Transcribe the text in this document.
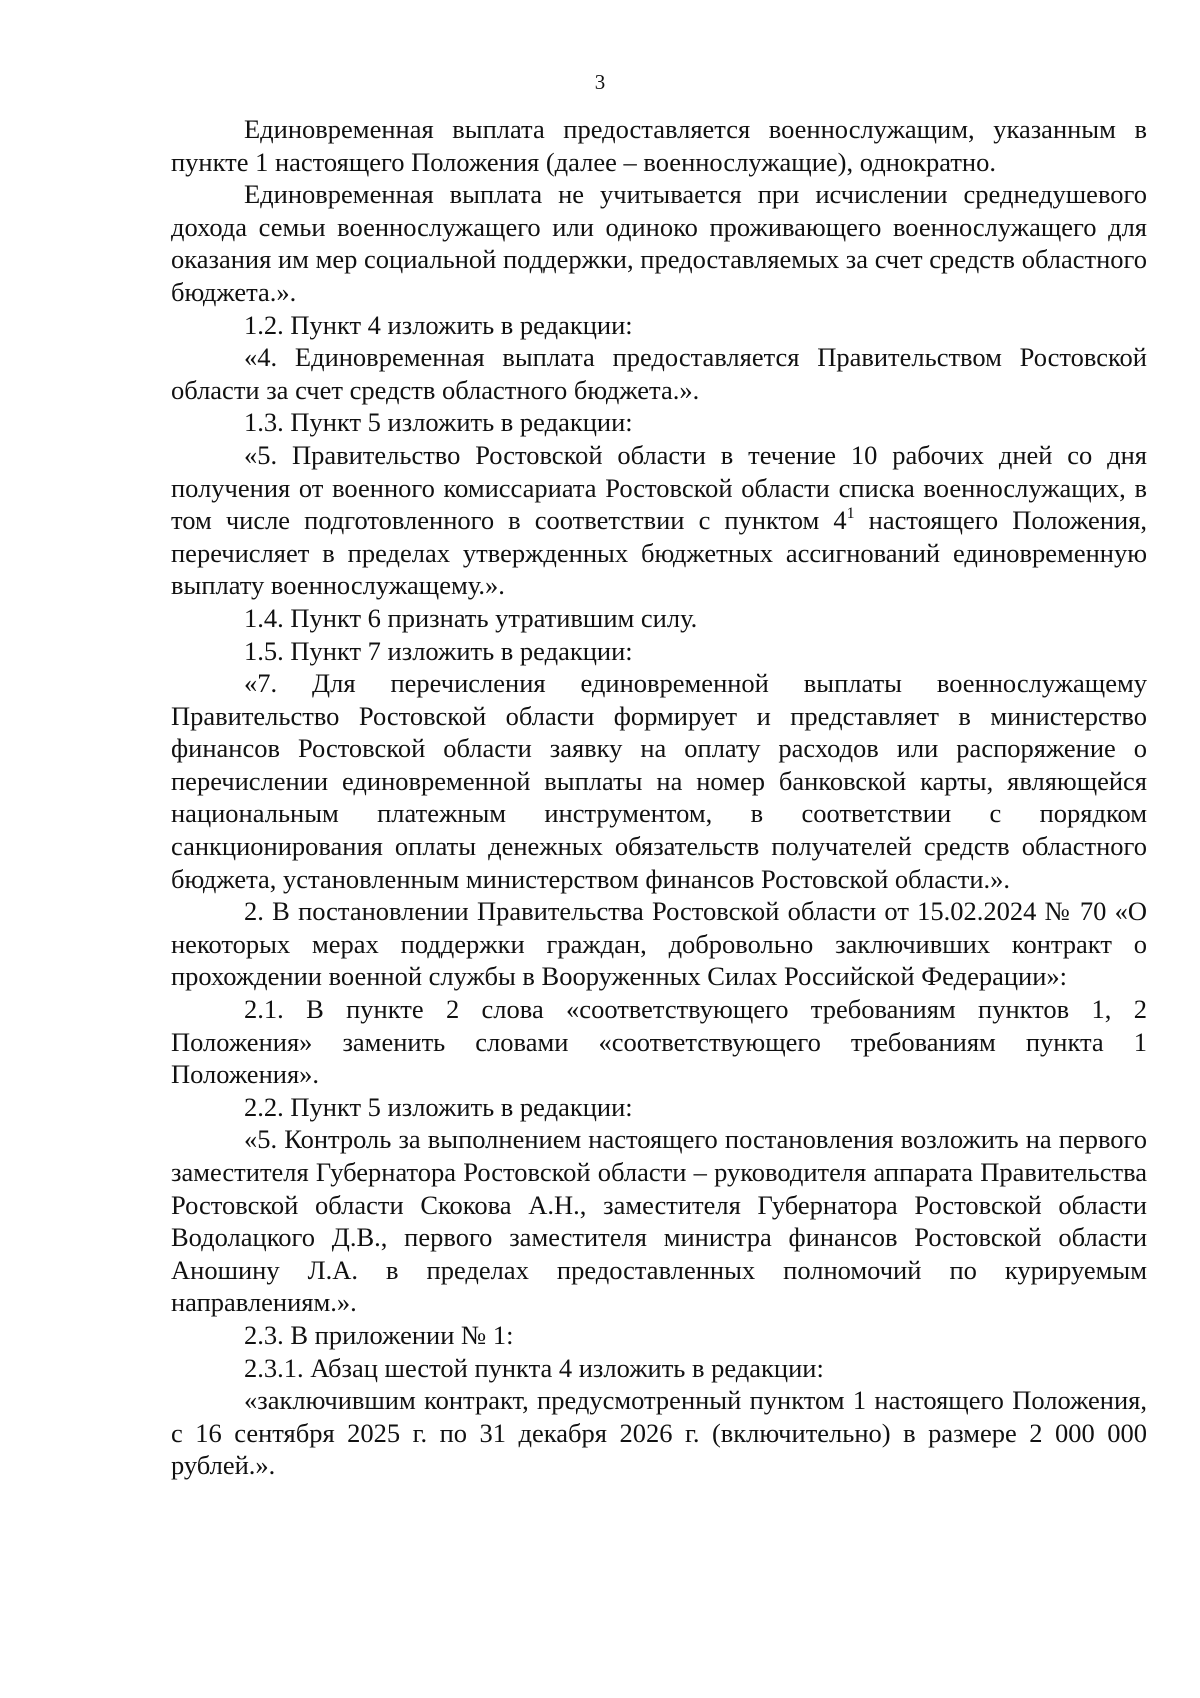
3

Единовременная выплата предоставляется военнослужащим, указанным в пункте 1 настоящего Положения (далее – военнослужащие), однократно.

Единовременная выплата не учитывается при исчислении среднедушевого дохода семьи военнослужащего или одиноко проживающего военнослужащего для оказания им мер социальной поддержки, предоставляемых за счет средств областного бюджета.».

1.2. Пункт 4 изложить в редакции:

«4. Единовременная выплата предоставляется Правительством Ростовской области за счет средств областного бюджета.».

1.3. Пункт 5 изложить в редакции:

«5. Правительство Ростовской области в течение 10 рабочих дней со дня получения от военного комиссариата Ростовской области списка военнослужащих, в том числе подготовленного в соответствии с пунктом $4^1$ настоящего Положения, перечисляет в пределах утвержденных бюджетных ассигнований единовременную выплату военнослужащему.».

1.4. Пункт 6 признать утратившим силу.

1.5. Пункт 7 изложить в редакции:

«7. Для перечисления единовременной выплаты военнослужащему Правительство Ростовской области формирует и представляет в министерство финансов Ростовской области заявку на оплату расходов или распоряжение о перечислении единовременной выплаты на номер банковской карты, являющейся национальным платежным инструментом, в соответствии с порядком санкционирования оплаты денежных обязательств получателей средств областного бюджета, установленным министерством финансов Ростовской области.».

2. В постановлении Правительства Ростовской области от 15.02.2024 № 70 «О некоторых мерах поддержки граждан, добровольно заключивших контракт о прохождении военной службы в Вооруженных Силах Российской Федерации»:

2.1. В пункте 2 слова «соответствующего требованиям пунктов 1, 2 Положения» заменить словами «соответствующего требованиям пункта 1 Положения».

2.2. Пункт 5 изложить в редакции:

«5. Контроль за выполнением настоящего постановления возложить на первого заместителя Губернатора Ростовской области – руководителя аппарата Правительства Ростовской области Скокова А.Н., заместителя Губернатора Ростовской области Водолацкого Д.В., первого заместителя министра финансов Ростовской области Аношину Л.А. в пределах предоставленных полномочий по курируемым направлениям.».

2.3. В приложении № 1:

2.3.1. Абзац шестой пункта 4 изложить в редакции:

«заключившим контракт, предусмотренный пунктом 1 настоящего Положения, с 16 сентября 2025 г. по 31 декабря 2026 г. (включительно) в размере 2 000 000 рублей.».
